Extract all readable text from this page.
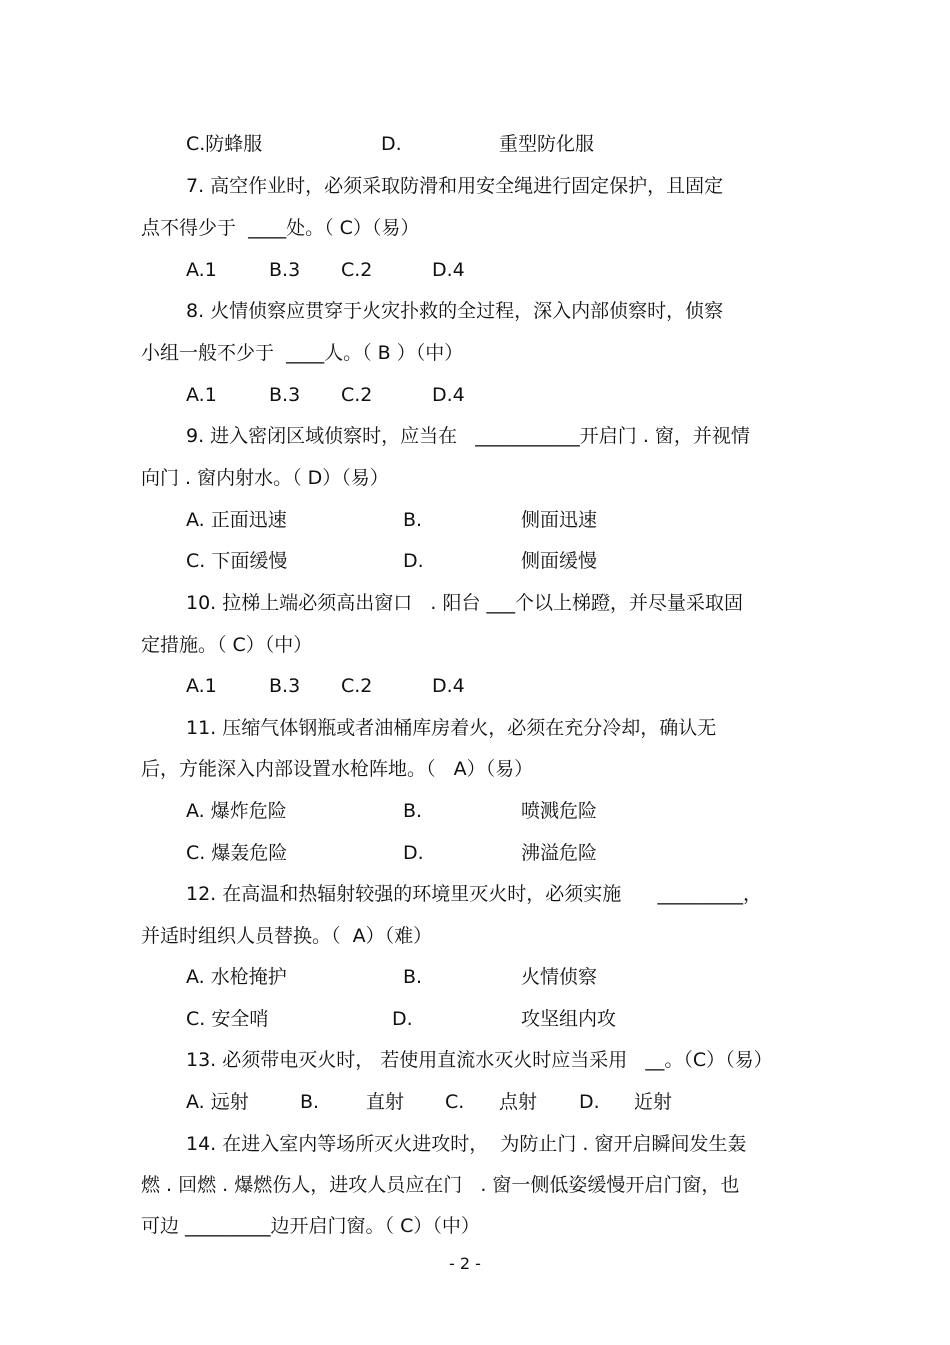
C.防蜂服

	D.

	重型防化服

7. 高空作业时，必须采取防滑和用安全绳进行固定保护，且固定

点不得少于  ____处。（ C）（易）

A.1

	B.3

C.2

	D.4

8. 火情侦察应贯穿于火灾扑救的全过程，深入内部侦察时，侦察

小组一般不少于  ____人。（ B ）（中）

A.1

	B.3

C.2

	D.4

9. 进入密闭区域侦察时，应当在   ___________开启门 . 窗，并视情

向门 . 窗内射水。（ D）（易）

A. 正面迅速

	B.

	侧面迅速

C. 下面缓慢

	D.

	侧面缓慢

10. 拉梯上端必须高出窗口   . 阳台 ___个以上梯蹬，并尽量采取固

定措施。（ C）（中）

A.1

	B.3

C.2

	D.4

11. 压缩气体钢瓶或者油桶库房着火，必须在充分冷却，确认无

后，方能深入内部设置水枪阵地。（   A）（易）

A. 爆炸危险

	B.

	喷溅危险

C. 爆轰危险

	D.

	沸溢危险

12. 在高温和热辐射较强的环境里灭火时，必须实施      _________，

并适时组织人员替换。（  A）（难）

A. 水枪掩护

	B.

	火情侦察

C. 安全哨

	D.

	攻坚组内攻

13. 必须带电灭火时， 若使用直流水灭火时应当采用   __。（C）（易）

A. 远射

	B.

直射

C.

点射

D.

近射

14. 在进入室内等场所灭火进攻时，  为防止门 . 窗开启瞬间发生轰

燃 . 回燃 . 爆燃伤人，进攻人员应在门   . 窗一侧低姿缓慢开启门窗，也

可边 _________边开启门窗。（ C）（中）

- 2 -
